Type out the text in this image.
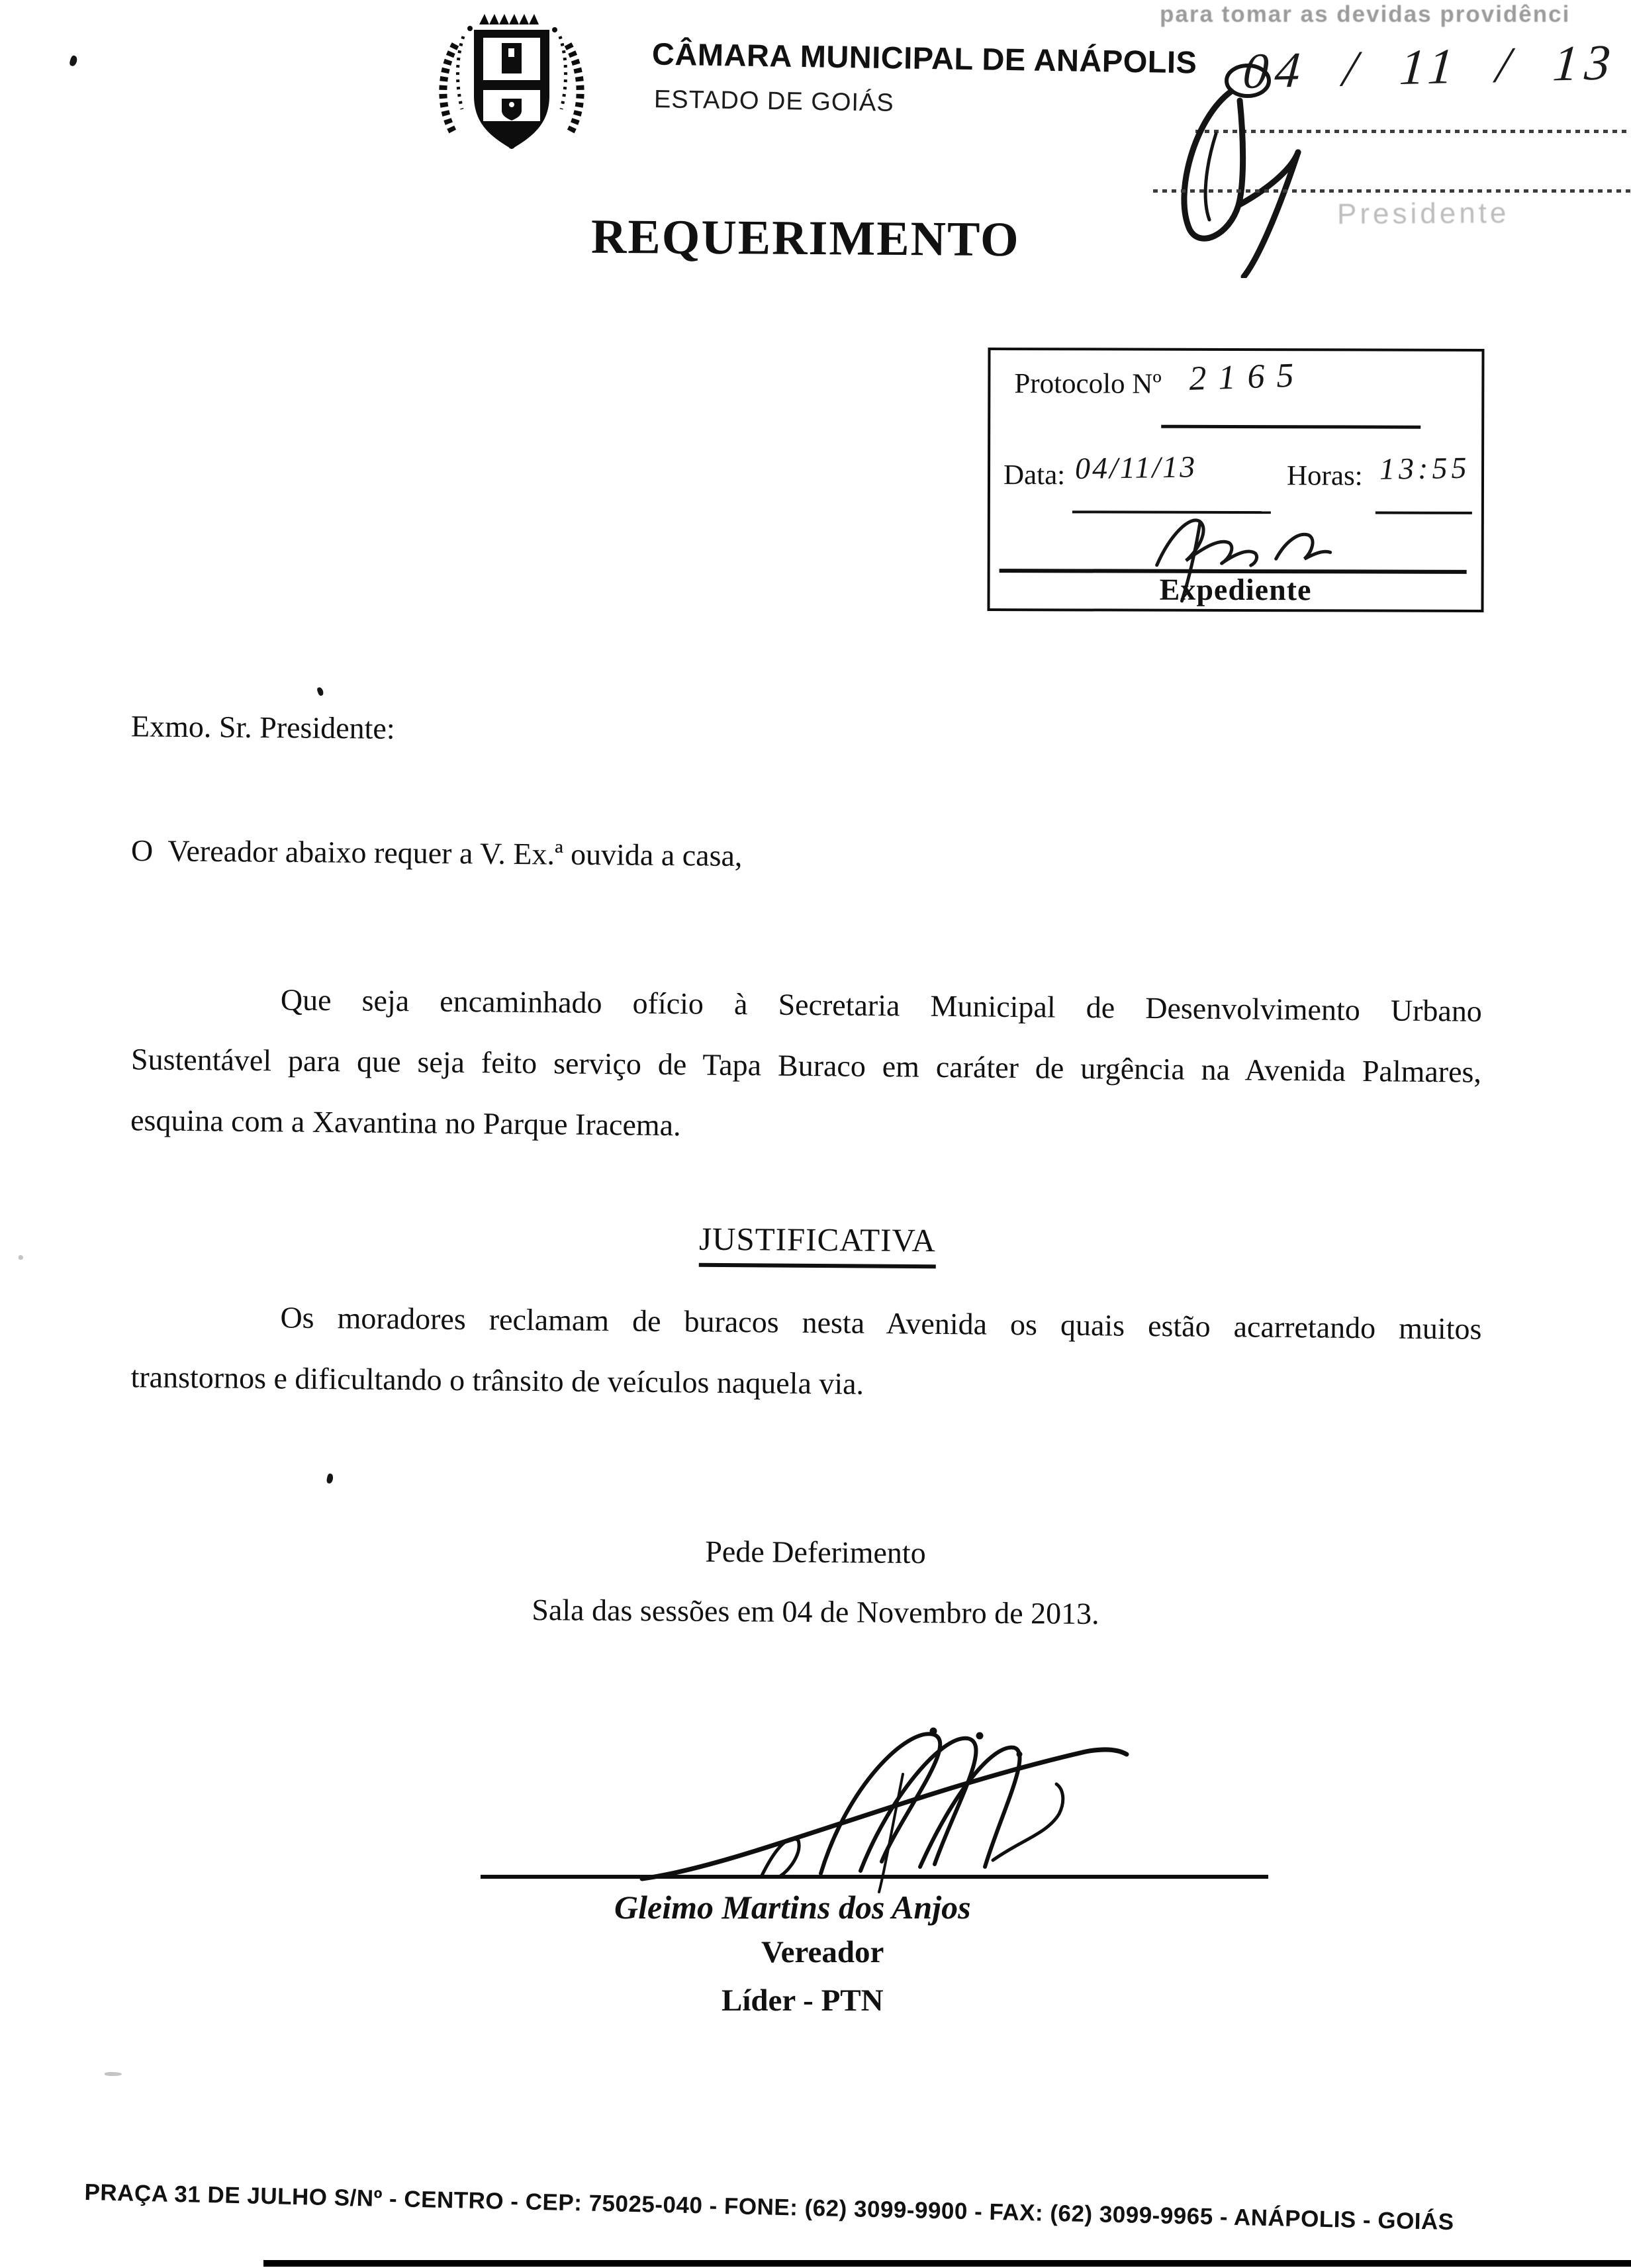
CÂMARA MUNICIPAL DE ANÁPOLIS
ESTADO DE GOIÁS
para tomar as devidas providênci
04 / 11 / 13
Presidente
REQUERIMENTO
Protocolo Nº 2165
Data: 04/11/13	Horas: 13:55
Expediente
Exmo. Sr. Presidente:
O  Vereador abaixo requer a V. Ex.ª ouvida a casa,
Que seja encaminhado ofício à Secretaria Municipal de Desenvolvimento Urbano
Sustentável para que seja feito serviço de Tapa Buraco em caráter de urgência na Avenida Palmares,
esquina com a Xavantina no Parque Iracema.
JUSTIFICATIVA
Os moradores reclamam de buracos nesta Avenida os quais estão acarretando muitos
transtornos e dificultando o trânsito de veículos naquela via.
Pede Deferimento
Sala das sessões em 04 de Novembro de 2013.
Gleimo Martins dos Anjos
Vereador
Líder - PTN
PRAÇA 31 DE JULHO S/Nº - CENTRO - CEP: 75025-040 - FONE: (62) 3099-9900 - FAX: (62) 3099-9965 - ANÁPOLIS - GOIÁS
